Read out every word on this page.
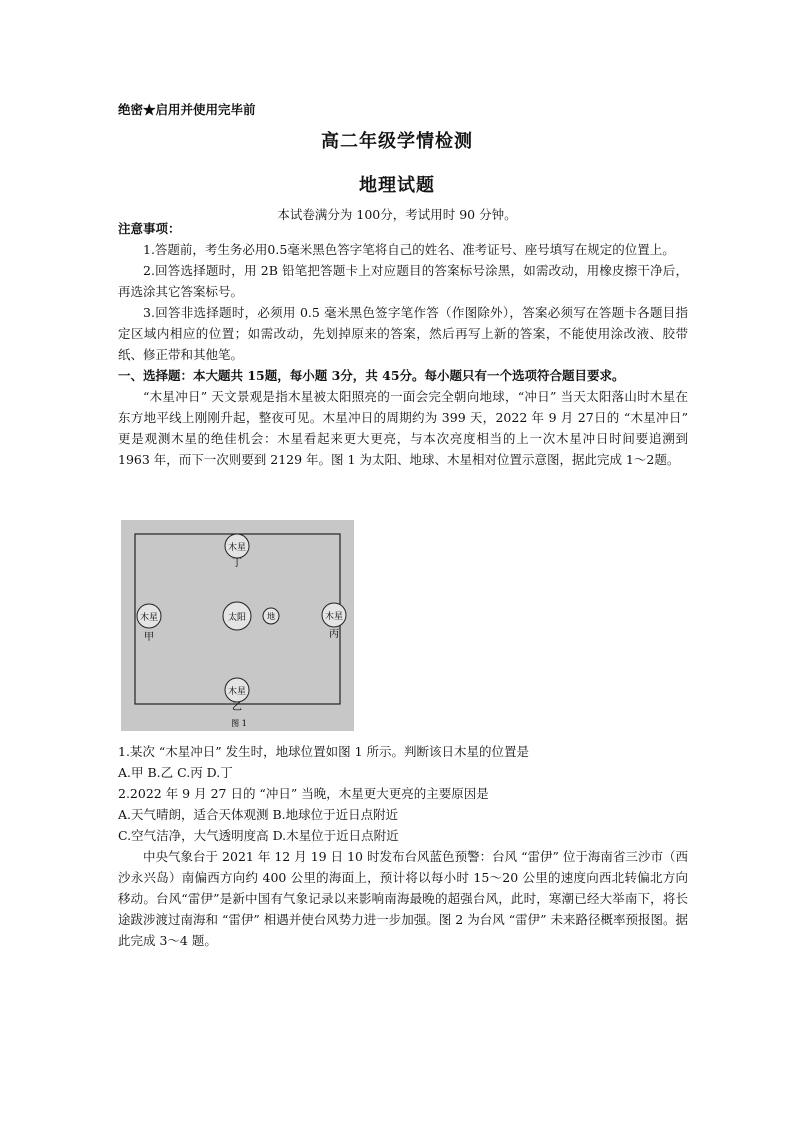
绝密★启用并使用完毕前
高二年级学情检测
地理试题
本试卷满分为 100分，考试用时 90 分钟。

注意事项：

1.答题前，考生务必用0.5毫米黑色答字笔将自己的姓名、准考证号、座号填写在规定的位置上。

2.回答选择题时，用 2B 铅笔把答题卡上对应题目的答案标号涂黑，如需改动，用橡皮擦干净后，再选涂其它答案标号。

3.回答非选择题时，必须用 0.5 毫米黑色签字笔作答（作图除外），答案必须写在答题卡各题目指定区域内相应的位置；如需改动，先划掉原来的答案，然后再写上新的答案，不能使用涂改液、胶带纸、修正带和其他笔。

一、选择题：本大题共 15题，每小题 3分，共 45分。每小题只有一个选项符合题目要求。

“木星冲日” 天文景观是指木星被太阳照亮的一面会完全朝向地球，“冲日” 当天太阳落山时木星在东方地平线上刚刚升起，整夜可见。木星冲日的周期约为 399 天，2022 年 9 月 27日的 “木星冲日” 更是观测木星的绝佳机会：木星看起来更大更亮，与本次亮度相当的上一次木星冲日时间要追溯到 1963 年，而下一次则要到 2129 年。图 1 为太阳、地球、木星相对位置示意图，据此完成 1～2题。

木星
丁
木星
甲
太阳	地	木星
丙
木星
乙
图 1

1.某次 “木星冲日” 发生时，地球位置如图 1 所示。判断该日木星的位置是

A.甲 B.乙 C.丙 D.丁

2.2022 年 9 月 27 日的 “冲日” 当晚，木星更大更亮的主要原因是

A.天气晴朗，适合天体观测 B.地球位于近日点附近

C.空气洁净，大气透明度高 D.木星位于近日点附近

中央气象台于 2021 年 12 月 19 日 10 时发布台风蓝色预警：台风 “雷伊” 位于海南省三沙市（西沙永兴岛）南偏西方向约 400 公里的海面上，预计将以每小时 15～20 公里的速度向西北转偏北方向移动。台风“雷伊”是新中国有气象记录以来影响南海最晚的超强台风，此时，寒潮已经大举南下，将长途跋涉渡过南海和 “雷伊” 相遇并使台风势力进一步加强。图 2 为台风 “雷伊” 未来路径概率预报图。据此完成 3～4 题。
